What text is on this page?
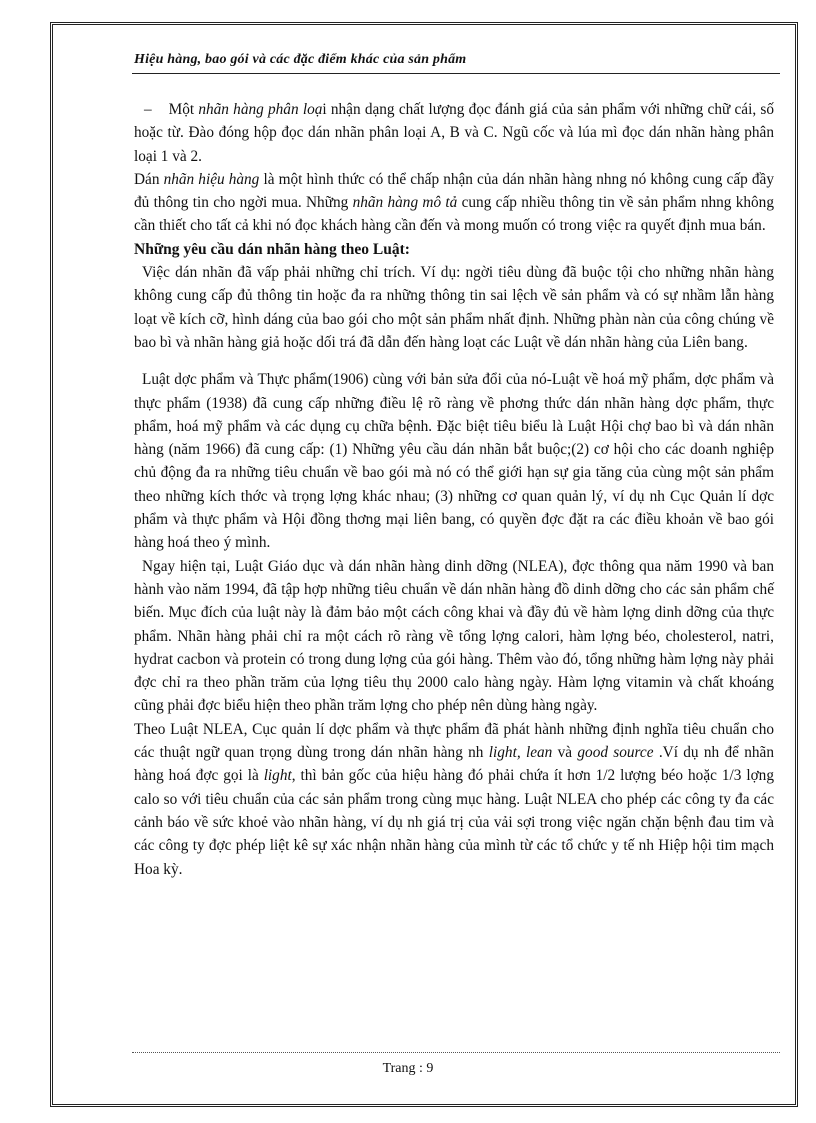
Hiệu hàng, bao gói và các đặc điểm khác của sản phẩm

– Một nhãn hàng phân loại nhận dạng chất lượng đọc đánh giá của sản phẩm với những chữ cái, số hoặc từ. Đào đóng hộp đọc dán nhãn phân loại A, B và C. Ngũ cốc và lúa mì đọc dán nhãn hàng phân loại 1 và 2.

Dán nhãn hiệu hàng là một hình thức có thể chấp nhận của dán nhãn hàng nhng nó không cung cấp đầy đủ thông tin cho ngời mua. Những nhãn hàng mô tả cung cấp nhiều thông tin về sản phẩm nhng không cần thiết cho tất cả khi nó đọc khách hàng cần đến và mong muốn có trong việc ra quyết định mua bán.

Những yêu cầu dán nhãn hàng theo Luật:

Việc dán nhãn đã vấp phải những chỉ trích. Ví dụ: ngời tiêu dùng đã buộc tội cho những nhãn hàng không cung cấp đủ thông tin hoặc đa ra những thông tin sai lệch về sản phẩm và có sự nhầm lẫn hàng loạt về kích cỡ, hình dáng của bao gói cho một sản phẩm nhất định. Những phàn nàn của công chúng về bao bì và nhãn hàng giả hoặc dối trá đã dẫn đến hàng loạt các Luật về dán nhãn hàng của Liên bang.

Luật dợc phẩm và Thực phẩm(1906) cùng với bản sửa đổi của nó-Luật về hoá mỹ phẩm, dợc phẩm và thực phẩm (1938) đã cung cấp những điều lệ rõ ràng về phơng thức dán nhãn hàng dợc phẩm, thực phẩm, hoá mỹ phẩm và các dụng cụ chữa bệnh. Đặc biệt tiêu biểu là Luật Hội chợ bao bì và dán nhãn hàng (năm 1966) đã cung cấp: (1) Những yêu cầu dán nhãn bắt buộc;(2) cơ hội cho các doanh nghiệp chủ động đa ra những tiêu chuẩn về bao gói mà nó có thể giới hạn sự gia tăng của cùng một sản phẩm theo những kích thớc và trọng lợng khác nhau; (3) những cơ quan quản lý, ví dụ nh Cục Quản lí dợc phẩm và thực phẩm và Hội đồng thơng mại liên bang, có quyền đợc đặt ra các điều khoản về bao gói hàng hoá theo ý mình.

Ngay hiện tại, Luật Giáo dục và dán nhãn hàng dinh dỡng (NLEA), đợc thông qua năm 1990 và ban hành vào năm 1994, đã tập hợp những tiêu chuẩn về dán nhãn hàng đồ dinh dỡng cho các sản phẩm chế biến. Mục đích của luật này là đảm bảo một cách công khai và đầy đủ về hàm lợng dinh dỡng của thực phẩm. Nhãn hàng phải chỉ ra một cách rõ ràng về tổng lợng calori, hàm lợng béo, cholesterol, natri, hydrat cacbon và protein có trong dung lợng của gói hàng. Thêm vào đó, tổng những hàm lợng này phải đợc chỉ ra theo phần trăm của lợng tiêu thụ 2000 calo hàng ngày. Hàm lợng vitamin và chất khoáng cũng phải đợc biểu hiện theo phần trăm lợng cho phép nên dùng hàng ngày.

Theo Luật NLEA, Cục quản lí dợc phẩm và thực phẩm đã phát hành những định nghĩa tiêu chuẩn cho các thuật ngữ quan trọng dùng trong dán nhãn hàng nh light, lean và good source .Ví dụ nh để nhãn hàng hoá đợc gọi là light, thì bản gốc của hiệu hàng đó phải chứa ít hơn 1/2 lượng béo hoặc 1/3 lợng calo so với tiêu chuẩn của các sản phẩm trong cùng mục hàng. Luật NLEA cho phép các công ty đa các cảnh báo về sức khoẻ vào nhãn hàng, ví dụ nh giá trị của vải sợi trong việc ngăn chặn bệnh đau tim và các công ty đợc phép liệt kê sự xác nhận nhãn hàng của mình từ các tổ chức y tế nh Hiệp hội tim mạch Hoa kỳ.

Trang : 9
